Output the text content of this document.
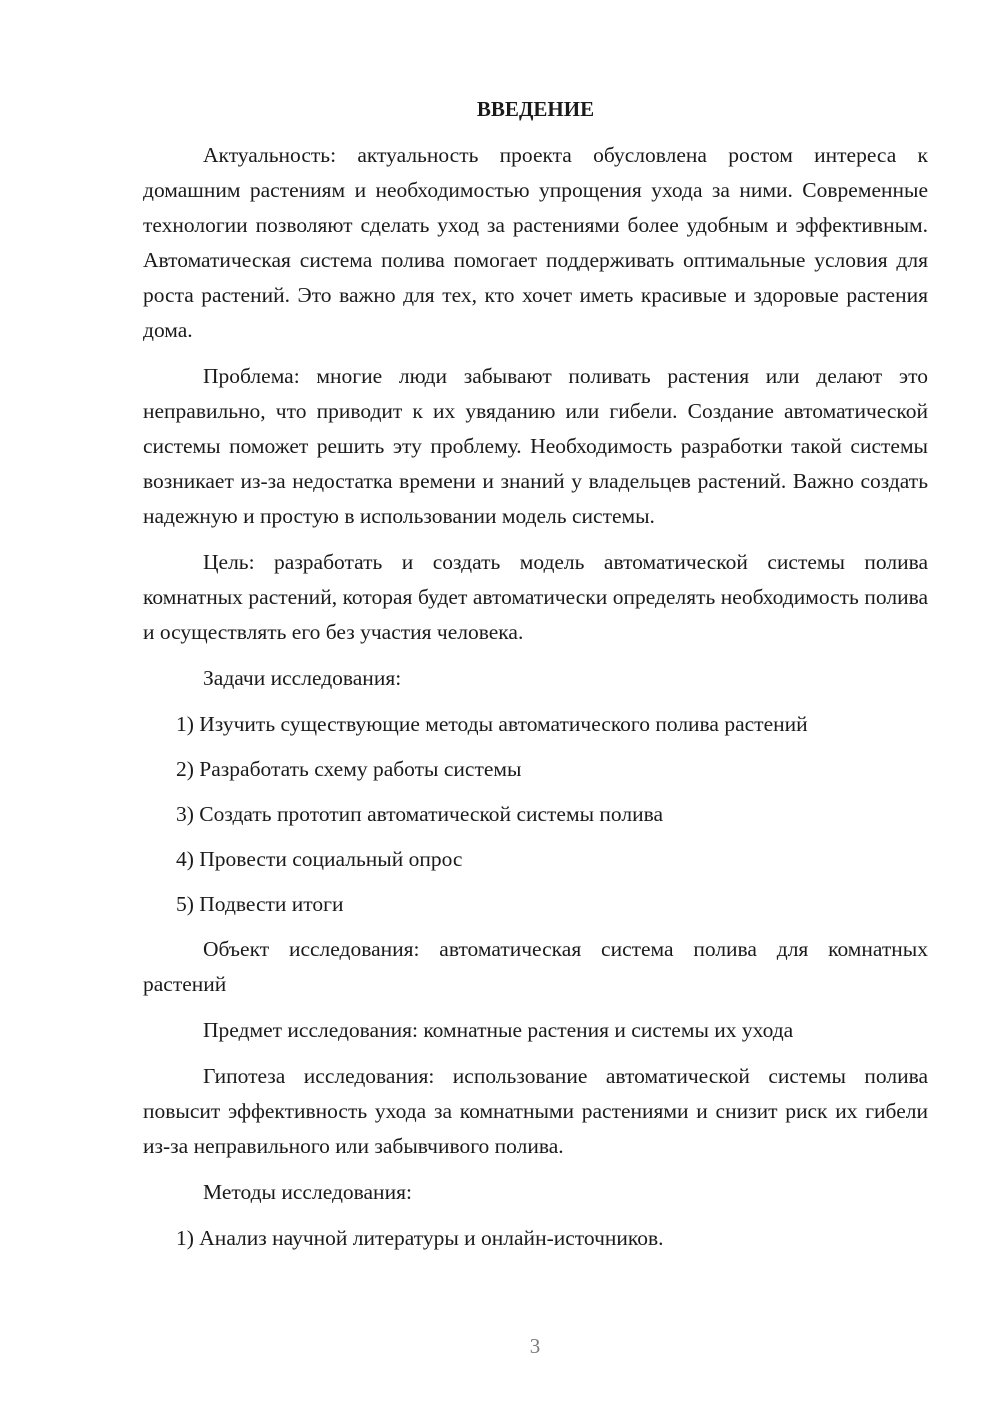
ВВЕДЕНИЕ

Актуальность: актуальность проекта обусловлена ростом интереса к домашним растениям и необходимостью упрощения ухода за ними. Современные технологии позволяют сделать уход за растениями более удобным и эффективным. Автоматическая система полива помогает поддерживать оптимальные условия для роста растений. Это важно для тех, кто хочет иметь красивые и здоровые растения дома.

Проблема: многие люди забывают поливать растения или делают это неправильно, что приводит к их увяданию или гибели. Создание автоматической системы поможет решить эту проблему. Необходимость разработки такой системы возникает из-за недостатка времени и знаний у владельцев растений. Важно создать надежную и простую в использовании модель системы.

Цель: разработать и создать модель автоматической системы полива комнатных растений, которая будет автоматически определять необходимость полива и осуществлять его без участия человека.

Задачи исследования:

1) Изучить существующие методы автоматического полива растений

2) Разработать схему работы системы

3) Создать прототип автоматической системы полива

4) Провести социальный опрос

5) Подвести итоги

Объект исследования: автоматическая система полива для комнатных растений

Предмет исследования: комнатные растения и системы их ухода

Гипотеза исследования: использование автоматической системы полива повысит эффективность ухода за комнатными растениями и снизит риск их гибели из-за неправильного или забывчивого полива.

Методы исследования:

1) Анализ научной литературы и онлайн-источников.

3
